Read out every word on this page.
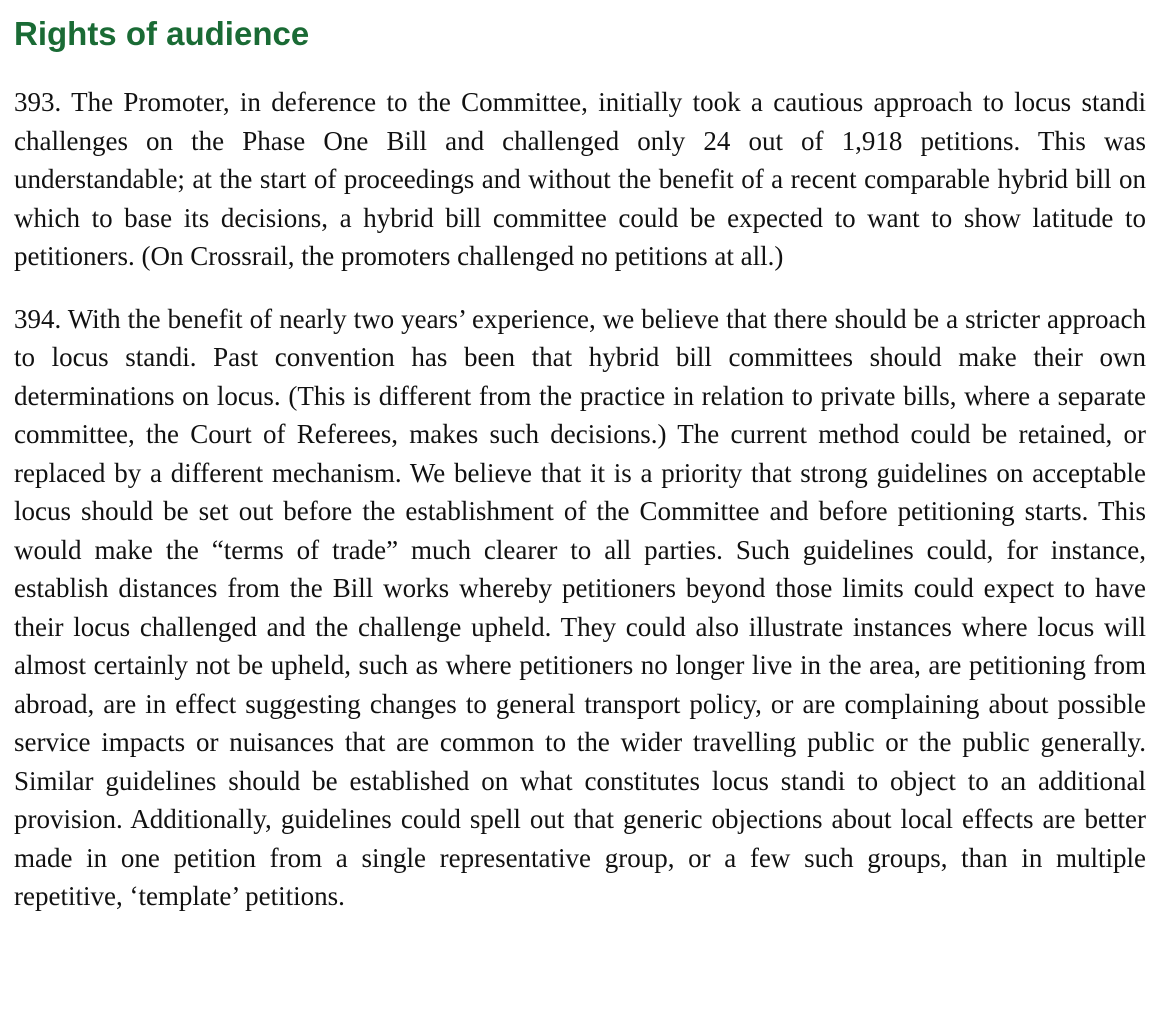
Rights of audience

393. The Promoter, in deference to the Committee, initially took a cautious approach to locus standi challenges on the Phase One Bill and challenged only 24 out of 1,918 petitions. This was understandable; at the start of proceedings and without the benefit of a recent comparable hybrid bill on which to base its decisions, a hybrid bill committee could be expected to want to show latitude to petitioners. (On Crossrail, the promoters challenged no petitions at all.)

394. With the benefit of nearly two years’ experience, we believe that there should be a stricter approach to locus standi. Past convention has been that hybrid bill committees should make their own determinations on locus. (This is different from the practice in relation to private bills, where a separate committee, the Court of Referees, makes such decisions.) The current method could be retained, or replaced by a different mechanism. We believe that it is a priority that strong guidelines on acceptable locus should be set out before the establishment of the Committee and before petitioning starts. This would make the “terms of trade” much clearer to all parties. Such guidelines could, for instance, establish distances from the Bill works whereby petitioners beyond those limits could expect to have their locus challenged and the challenge upheld. They could also illustrate instances where locus will almost certainly not be upheld, such as where petitioners no longer live in the area, are petitioning from abroad, are in effect suggesting changes to general transport policy, or are complaining about possible service impacts or nuisances that are common to the wider travelling public or the public generally. Similar guidelines should be established on what constitutes locus standi to object to an additional provision. Additionally, guidelines could spell out that generic objections about local effects are better made in one petition from a single representative group, or a few such groups, than in multiple repetitive, ‘template’ petitions.
